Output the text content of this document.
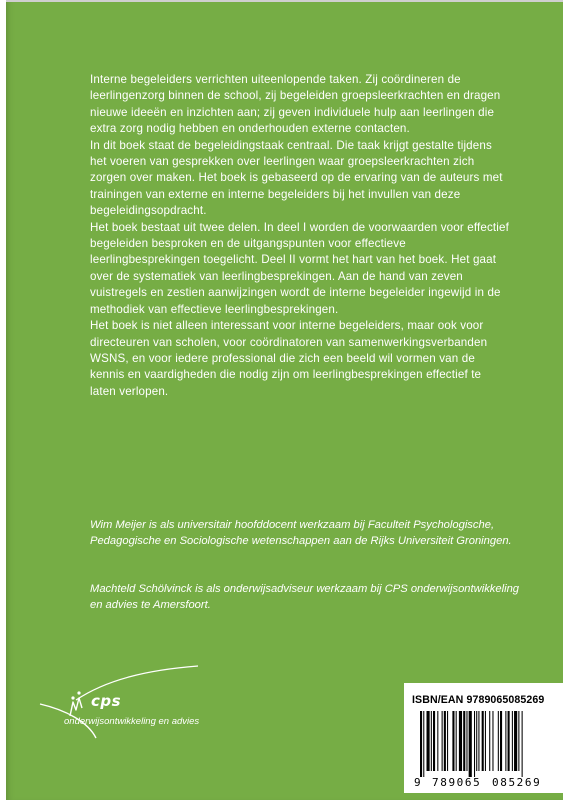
Interne begeleiders verrichten uiteenlopende taken. Zij coördineren de leerlingenzorg binnen de school, zij begeleiden groepsleerkrachten en dragen nieuwe ideeën en inzichten aan; zij geven individuele hulp aan leerlingen die extra zorg nodig hebben en onderhouden externe contacten.

In dit boek staat de begeleidingstaak centraal. Die taak krijgt gestalte tijdens het voeren van gesprekken over leerlingen waar groepsleerkrachten zich zorgen over maken. Het boek is gebaseerd op de ervaring van de auteurs met trainingen van externe en interne begeleiders bij het invullen van deze begeleidingsopdracht.

Het boek bestaat uit twee delen. In deel I worden de voorwaarden voor effectief begeleiden besproken en de uitgangspunten voor effectieve leerlingbesprekingen toegelicht. Deel II vormt het hart van het boek. Het gaat over de systematiek van leerlingbesprekingen. Aan de hand van zeven vuistregels en zestien aanwijzingen wordt de interne begeleider ingewijd in de methodiek van effectieve leerlingbesprekingen.

Het boek is niet alleen interessant voor interne begeleiders, maar ook voor directeuren van scholen, voor coördinatoren van samenwerkingsverbanden WSNS, en voor iedere professional die zich een beeld wil vormen van de kennis en vaardigheden die nodig zijn om leerlingbesprekingen effectief te laten verlopen.

Wim Meijer is als universitair hoofddocent werkzaam bij Faculteit Psychologische, Pedagogische en Sociologische wetenschappen aan de Rijks Universiteit Groningen.
Machteld Schölvinck is als onderwijsadviseur werkzaam bij CPS onderwijsontwikkeling en advies te Amersfoort.
cps
onderwijsontwikkeling en advies
ISBN/EAN 9789065085269
9 789065 085269
